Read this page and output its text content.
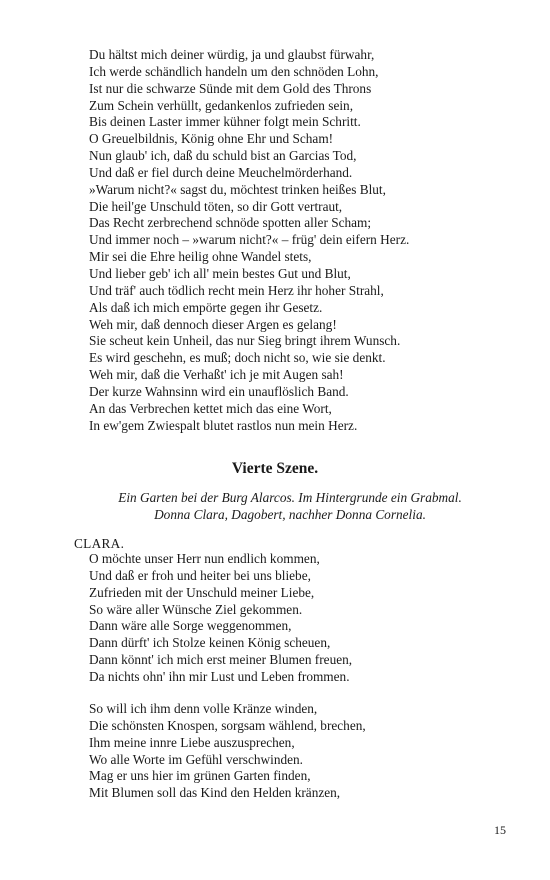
Du hältst mich deiner würdig, ja und glaubst fürwahr,
Ich werde schändlich handeln um den schnöden Lohn,
Ist nur die schwarze Sünde mit dem Gold des Throns
Zum Schein verhüllt, gedankenlos zufrieden sein,
Bis deinen Laster immer kühner folgt mein Schritt.
O Greuelbildnis, König ohne Ehr und Scham!
Nun glaub' ich, daß du schuld bist an Garcias Tod,
Und daß er fiel durch deine Meuchelmörderhand.
»Warum nicht?« sagst du, möchtest trinken heißes Blut,
Die heil'ge Unschuld töten, so dir Gott vertraut,
Das Recht zerbrechend schnöde spotten aller Scham;
Und immer noch – »warum nicht?« – früg' dein eifern Herz.
Mir sei die Ehre heilig ohne Wandel stets,
Und lieber geb' ich all' mein bestes Gut und Blut,
Und träf' auch tödlich recht mein Herz ihr hoher Strahl,
Als daß ich mich empörte gegen ihr Gesetz.
Weh mir, daß dennoch dieser Argen es gelang!
Sie scheut kein Unheil, das nur Sieg bringt ihrem Wunsch.
Es wird geschehn, es muß; doch nicht so, wie sie denkt.
Weh mir, daß die Verhaßt' ich je mit Augen sah!
Der kurze Wahnsinn wird ein unauflöslich Band.
An das Verbrechen kettet mich das eine Wort,
In ew'gem Zwiespalt blutet rastlos nun mein Herz.
Vierte Szene.
Ein Garten bei der Burg Alarcos. Im Hintergrunde ein Grabmal.
Donna Clara, Dagobert, nachher Donna Cornelia.
CLARA.
O möchte unser Herr nun endlich kommen,
Und daß er froh und heiter bei uns bliebe,
Zufrieden mit der Unschuld meiner Liebe,
So wäre aller Wünsche Ziel gekommen.
Dann wäre alle Sorge weggenommen,
Dann dürft' ich Stolze keinen König scheuen,
Dann könnt' ich mich erst meiner Blumen freuen,
Da nichts ohn' ihn mir Lust und Leben frommen.
So will ich ihm denn volle Kränze winden,
Die schönsten Knospen, sorgsam wählend, brechen,
Ihm meine innre Liebe auszusprechen,
Wo alle Worte im Gefühl verschwinden.
Mag er uns hier im grünen Garten finden,
Mit Blumen soll das Kind den Helden kränzen,
15
